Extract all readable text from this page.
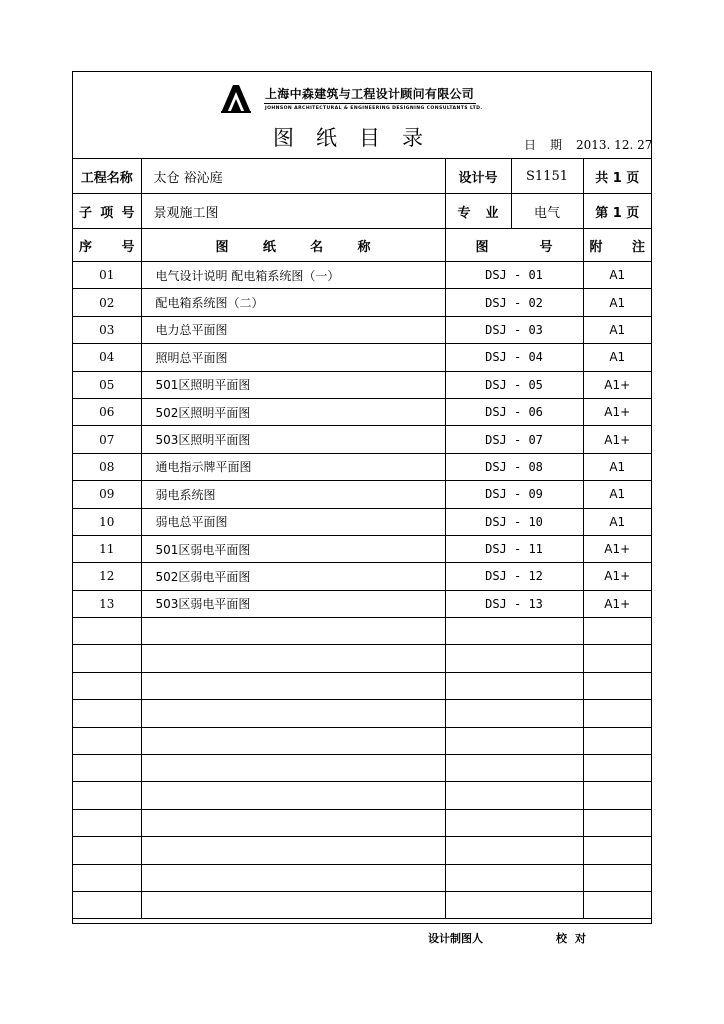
上海中森建筑与工程设计顾问有限公司
JOHNSON ARCHITECTURAL & ENGINEERING DESIGNING CONSULTANTS LTD.
图纸目录	日期2013. 12. 27
工程名称	太仓 裕沁庭	设计号	S1151	共 1 页
子项号	景观施工图	专业	电气	第 1 页
序号	图纸名称	图号		附注
01	电气设计说明 配电箱系统图（一）	DSJ - 01		A1
02	配电箱系统图（二）	DSJ - 02		A1
03	电力总平面图	DSJ - 03		A1
04	照明总平面图	DSJ - 04		A1
05	501区照明平面图	DSJ - 05		A1+
06	502区照明平面图	DSJ - 06		A1+
07	503区照明平面图	DSJ - 07		A1+
08	通电指示牌平面图	DSJ - 08		A1
09	弱电系统图	DSJ - 09		A1
10	弱电总平面图	DSJ - 10		A1
11	501区弱电平面图	DSJ - 11		A1+
12	502区弱电平面图	DSJ - 12		A1+
13	503区弱电平面图	DSJ - 13		A1+

设计制图人	校对
